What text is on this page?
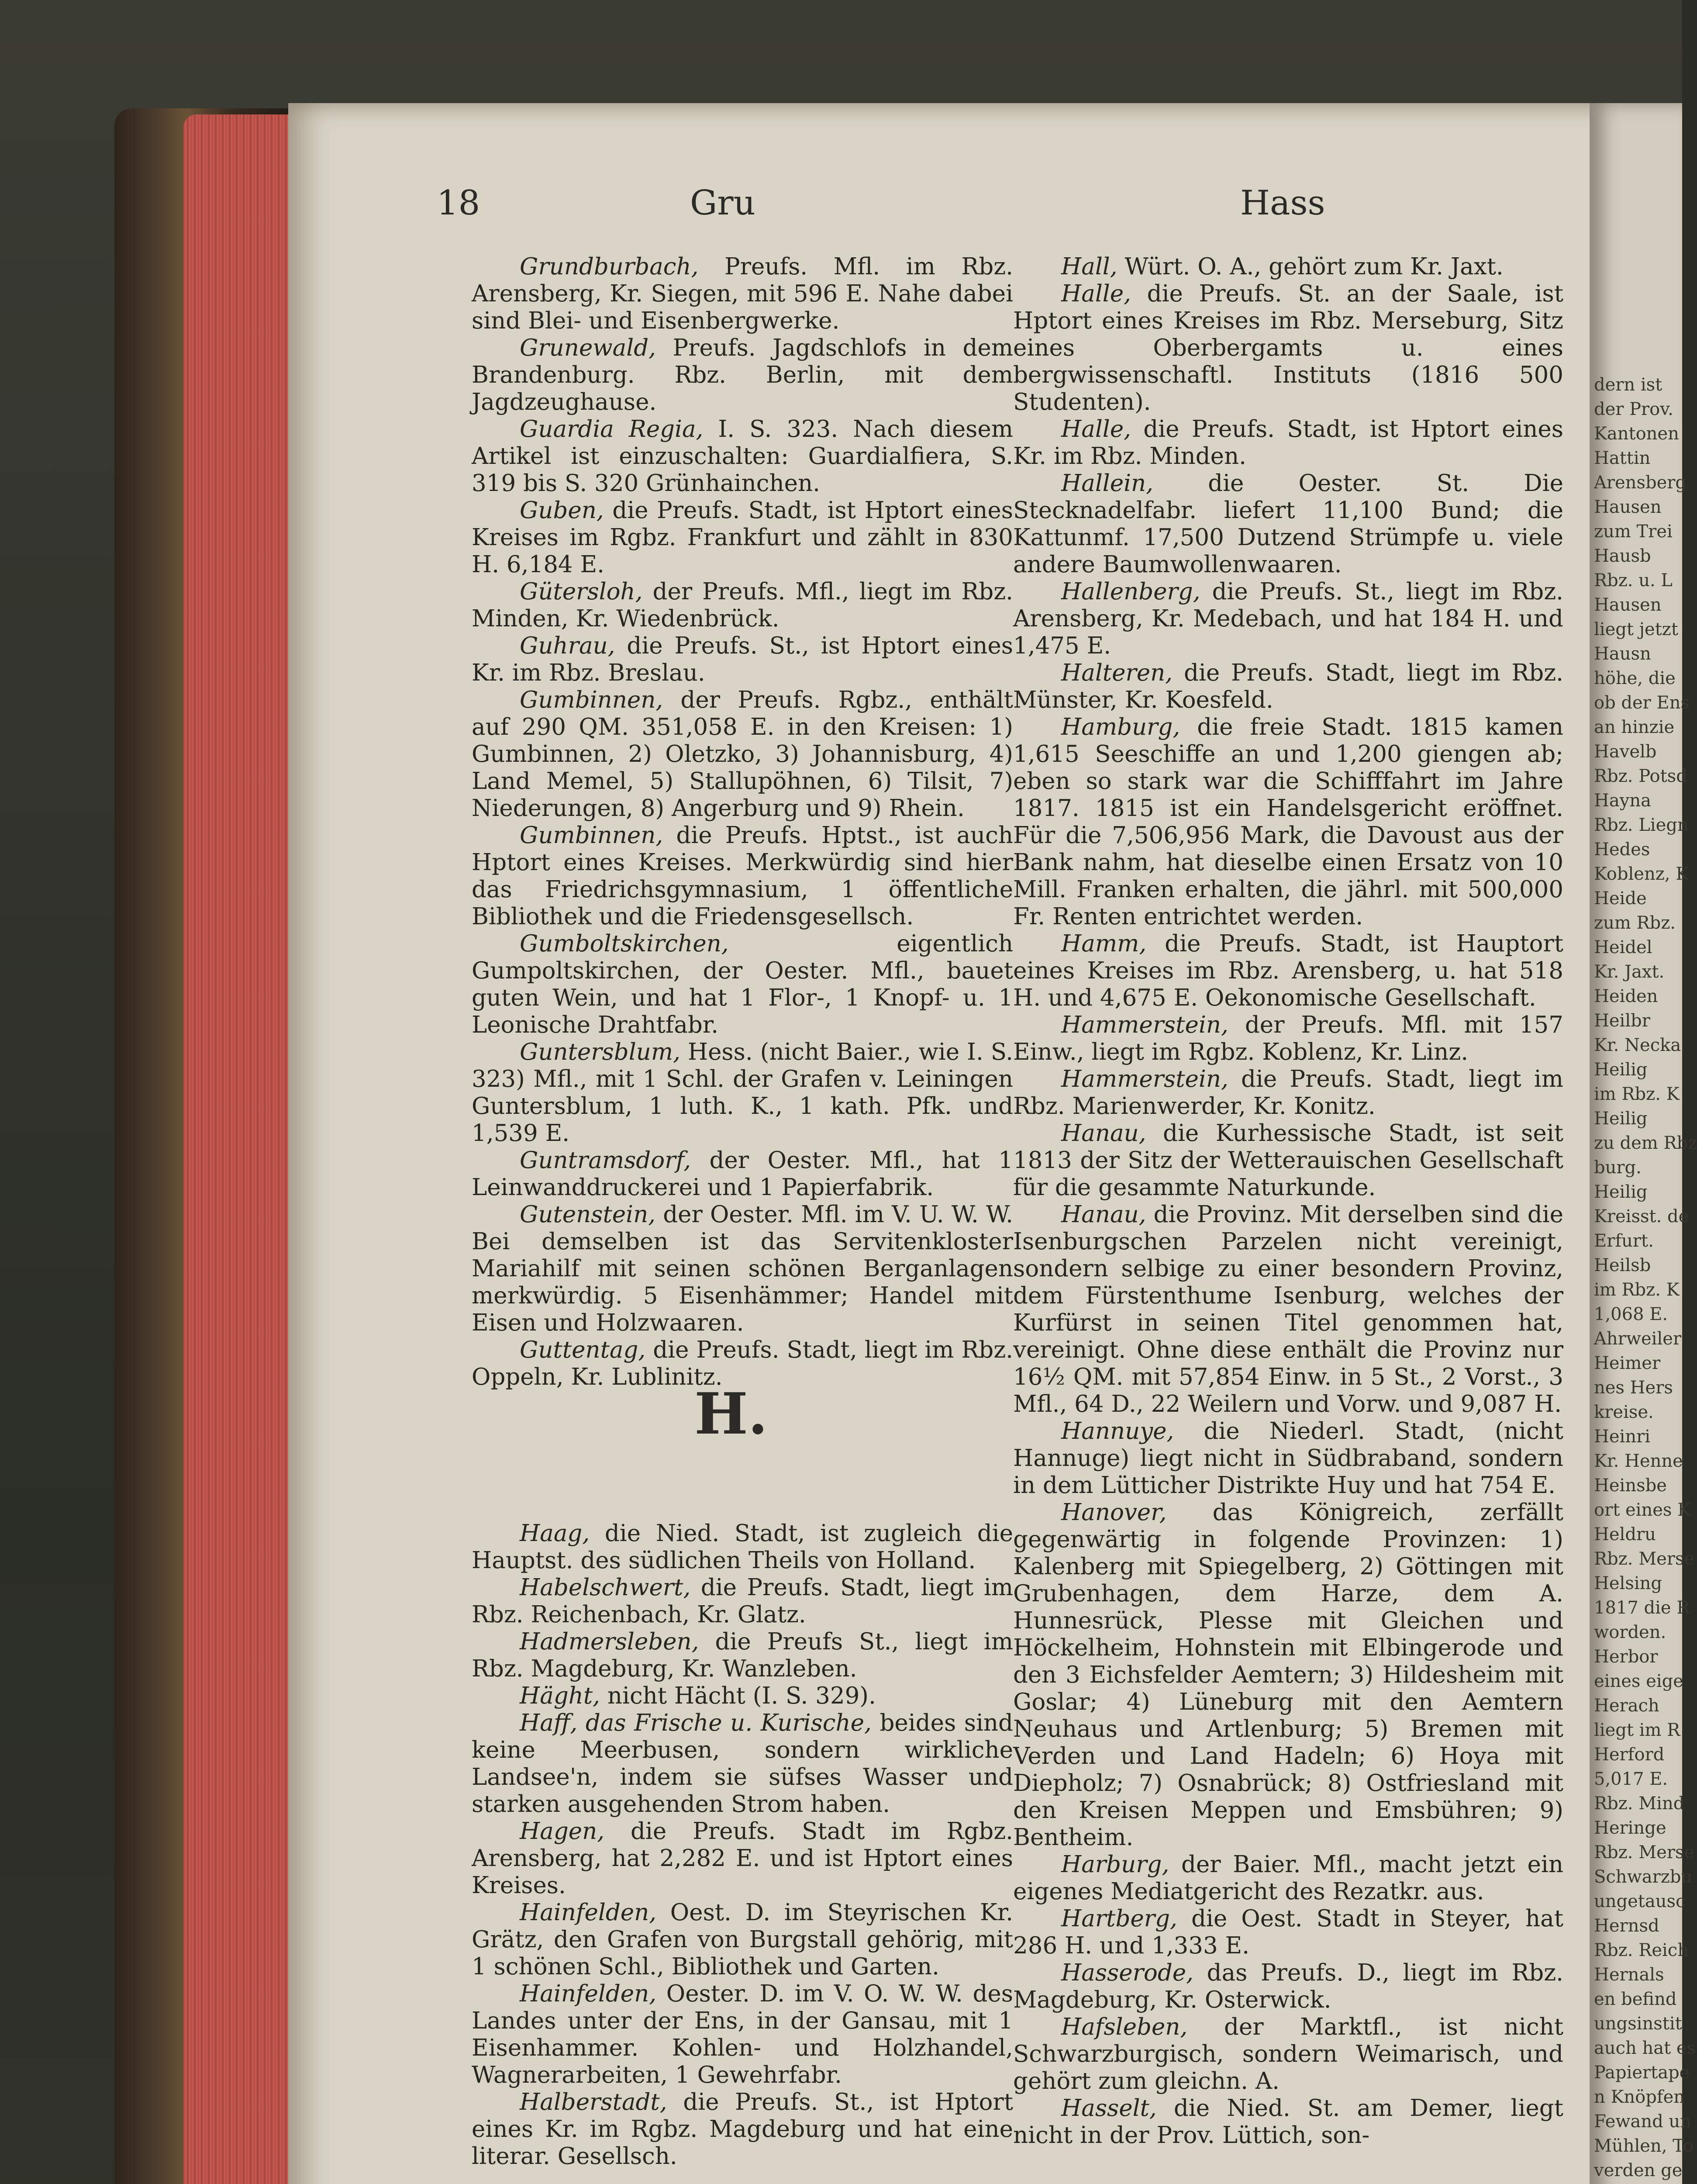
18	Gru	Hass

Grundburbach, Preufs. Mfl. im Rbz. Arensberg, Kr. Siegen, mit 596 E. Nahe dabei sind Blei- und Eisenbergwerke.

Grunewald, Preufs. Jagdschlofs in dem Brandenburg. Rbz. Berlin, mit dem Jagdzeughause.

Guardia Regia, I. S. 323. Nach diesem Artikel ist einzuschalten: Guardialfiera, S. 319 bis S. 320 Grünhainchen.

Guben, die Preufs. Stadt, ist Hptort eines Kreises im Rgbz. Frankfurt und zählt in 830 H. 6,184 E.

Gütersloh, der Preufs. Mfl., liegt im Rbz. Minden, Kr. Wiedenbrück.

Guhrau, die Preufs. St., ist Hptort eines Kr. im Rbz. Breslau.

Gumbinnen, der Preufs. Rgbz., enthält auf 290 QM. 351,058 E. in den Kreisen: 1) Gumbinnen, 2) Oletzko, 3) Johannisburg, 4) Land Memel, 5) Stallupöhnen, 6) Tilsit, 7) Niederungen, 8) Angerburg und 9) Rhein.

Gumbinnen, die Preufs. Hptst., ist auch Hptort eines Kreises. Merkwürdig sind hier das Friedrichsgymnasium, 1 öffentliche Bibliothek und die Friedensgesellsch.

Gumboltskirchen, eigentlich Gumpoltskirchen, der Oester. Mfl., bauet guten Wein, und hat 1 Flor-, 1 Knopf- u. 1 Leonische Drahtfabr.

Guntersblum, Hess. (nicht Baier., wie I. S. 323) Mfl., mit 1 Schl. der Grafen v. Leiningen Guntersblum, 1 luth. K., 1 kath. Pfk. und 1,539 E.

Guntramsdorf, der Oester. Mfl., hat 1 Leinwanddruckerei und 1 Papierfabrik.

Gutenstein, der Oester. Mfl. im V. U. W. W. Bei demselben ist das Servitenkloster Mariahilf mit seinen schönen Berganlagen merkwürdig. 5 Eisenhämmer; Handel mit Eisen und Holzwaaren.

Guttentag, die Preufs. Stadt, liegt im Rbz. Oppeln, Kr. Lublinitz.

H.

Haag, die Nied. Stadt, ist zugleich die Hauptst. des südlichen Theils von Holland.

Habelschwert, die Preufs. Stadt, liegt im Rbz. Reichenbach, Kr. Glatz.

Hadmersleben, die Preufs St., liegt im Rbz. Magdeburg, Kr. Wanzleben.

Häght, nicht Hächt (I. S. 329).

Haff, das Frische u. Kurische, beides sind keine Meerbusen, sondern wirkliche Landsee'n, indem sie süfses Wasser und starken ausgehenden Strom haben.

Hagen, die Preufs. Stadt im Rgbz. Arensberg, hat 2,282 E. und ist Hptort eines Kreises.

Hainfelden, Oest. D. im Steyrischen Kr. Grätz, den Grafen von Burgstall gehörig, mit 1 schönen Schl., Bibliothek und Garten.

Hainfelden, Oester. D. im V. O. W. W. des Landes unter der Ens, in der Gansau, mit 1 Eisenhammer. Kohlen- und Holzhandel, Wagnerarbeiten, 1 Gewehrfabr.

Halberstadt, die Preufs. St., ist Hptort eines Kr. im Rgbz. Magdeburg und hat eine literar. Gesellsch.

Hall, Würt. O. A., gehört zum Kr. Jaxt.

Halle, die Preufs. St. an der Saale, ist Hptort eines Kreises im Rbz. Merseburg, Sitz eines Oberbergamts u. eines bergwissenschaftl. Instituts (1816 500 Studenten).

Halle, die Preufs. Stadt, ist Hptort eines Kr. im Rbz. Minden.

Hallein, die Oester. St. Die Stecknadelfabr. liefert 11,100 Bund; die Kattunmf. 17,500 Dutzend Strümpfe u. viele andere Baumwollenwaaren.

Hallenberg, die Preufs. St., liegt im Rbz. Arensberg, Kr. Medebach, und hat 184 H. und 1,475 E.

Halteren, die Preufs. Stadt, liegt im Rbz. Münster, Kr. Koesfeld.

Hamburg, die freie Stadt. 1815 kamen 1,615 Seeschiffe an und 1,200 giengen ab; eben so stark war die Schifffahrt im Jahre 1817. 1815 ist ein Handelsgericht eröffnet. Für die 7,506,956 Mark, die Davoust aus der Bank nahm, hat dieselbe einen Ersatz von 10 Mill. Franken erhalten, die jährl. mit 500,000 Fr. Renten entrichtet werden.

Hamm, die Preufs. Stadt, ist Hauptort eines Kreises im Rbz. Arensberg, u. hat 518 H. und 4,675 E. Oekonomische Gesellschaft.

Hammerstein, der Preufs. Mfl. mit 157 Einw., liegt im Rgbz. Koblenz, Kr. Linz.

Hammerstein, die Preufs. Stadt, liegt im Rbz. Marienwerder, Kr. Konitz.

Hanau, die Kurhessische Stadt, ist seit 1813 der Sitz der Wetterauischen Gesellschaft für die gesammte Naturkunde.

Hanau, die Provinz. Mit derselben sind die Isenburgschen Parzelen nicht vereinigt, sondern selbige zu einer besondern Provinz, dem Fürstenthume Isenburg, welches der Kurfürst in seinen Titel genommen hat, vereinigt. Ohne diese enthält die Provinz nur 16½ QM. mit 57,854 Einw. in 5 St., 2 Vorst., 3 Mfl., 64 D., 22 Weilern und Vorw. und 9,087 H.

Hannuye, die Niederl. Stadt, (nicht Hannuge) liegt nicht in Südbraband, sondern in dem Lütticher Distrikte Huy und hat 754 E.

Hanover, das Königreich, zerfällt gegenwärtig in folgende Provinzen: 1) Kalenberg mit Spiegelberg, 2) Göttingen mit Grubenhagen, dem Harze, dem A. Hunnesrück, Plesse mit Gleichen und Höckelheim, Hohnstein mit Elbingerode und den 3 Eichsfelder Aemtern; 3) Hildesheim mit Goslar; 4) Lüneburg mit den Aemtern Neuhaus und Artlenburg; 5) Bremen mit Verden und Land Hadeln; 6) Hoya mit Diepholz; 7) Osnabrück; 8) Ostfriesland mit den Kreisen Meppen und Emsbühren; 9) Bentheim.

Harburg, der Baier. Mfl., macht jetzt ein eigenes Mediatgericht des Rezatkr. aus.

Hartberg, die Oest. Stadt in Steyer, hat 286 H. und 1,333 E.

Hasserode, das Preufs. D., liegt im Rbz. Magdeburg, Kr. Osterwick.

Hafsleben, der Marktfl., ist nicht Schwarzburgisch, sondern Weimarisch, und gehört zum gleichn. A.

Hasselt, die Nied. St. am Demer, liegt nicht in der Prov. Lüttich, son-

dern ist
der Prov.
Kantonen
Hattin
Arensberg
Hausen
zum Trei
Hausb
Rbz. u. L
Hausen
liegt jetzt
Hausn
höhe, die
ob der Ens
an hinzie
Havelb
Rbz. Potsd
Hayna
Rbz. Liegn
Hedes
Koblenz, K
Heide
zum Rbz.
Heidel
Kr. Jaxt.
Heiden
Heilbr
Kr. Necka
Heilig
im Rbz. K
Heilig
zu dem Rbz
burg.
Heilig
Kreisst. de
Erfurt.
Heilsb
im Rbz. K
1,068 E.
Ahrweiler
Heimer
nes Hers
kreise.
Heinri
Kr. Henne
Heinsbe
ort eines K
Heldru
Rbz. Merse
Helsing
1817 die R
worden.
Herbor
eines eige
Herach
liegt im R
Herford
5,017 E.
Rbz. Mind
Heringe
Rbz. Merse
Schwarzbu
ungetausc
Hernsd
Rbz. Reich
Hernals
en befind
ungsinstit
auch hat es
Papiertape
n Knöpfen
Fewand un
Mühlen, To
verden ge
